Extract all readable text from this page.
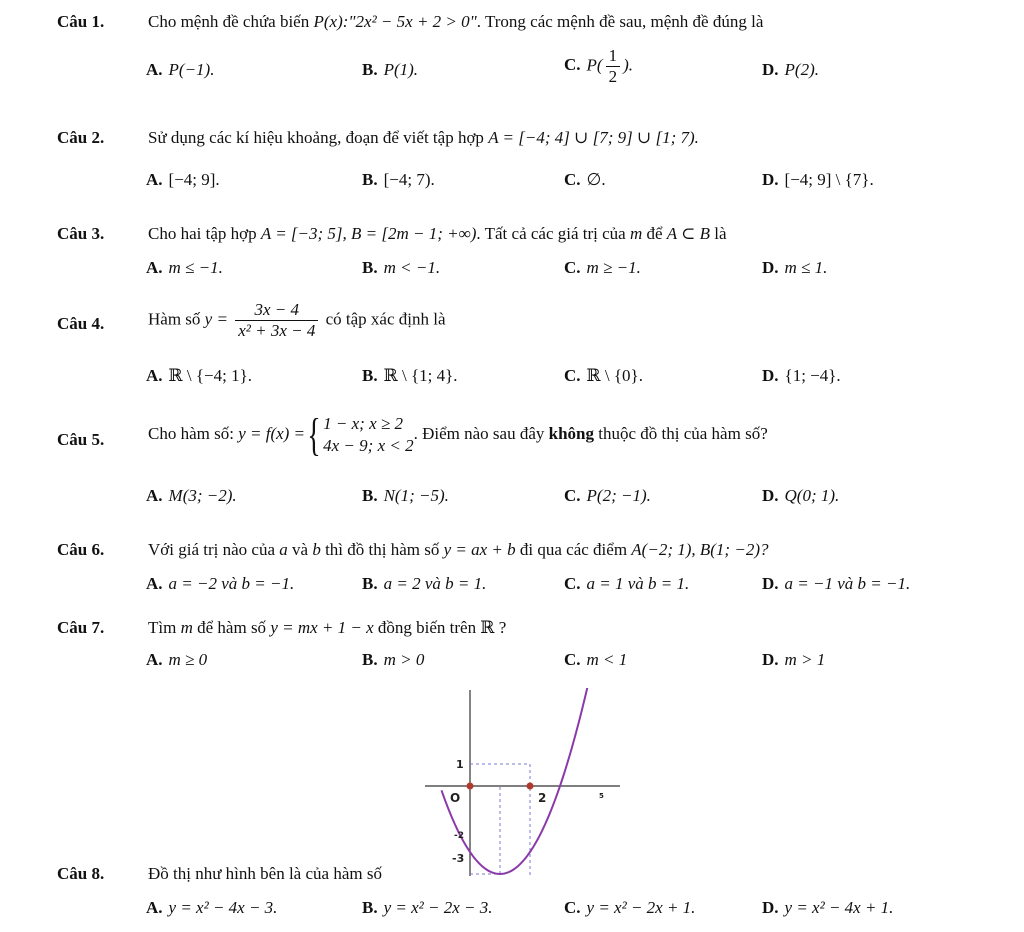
Câu 1.	Cho mệnh đề chứa biến P(x):"2x² − 5x + 2 > 0". Trong các mệnh đề sau, mệnh đề đúng là
A. P(−1).	B. P(1).	C. $P( \frac{1}{2}$ ).	D. P(2).
Câu 2.	Sử dụng các kí hiệu khoảng, đoạn để viết tập hợp A = [−4; 4] ∪ [7; 9] ∪ [1; 7).
A. [−4; 9].	B. [−4; 7).	C. ∅.	D. [−4; 9] \ {7}.
Câu 3.	Cho hai tập hợp A = [−3; 5], B = [2m − 1; +∞). Tất cả các giá trị của m để A ⊂ B là
A. m ≤ −1.	B. m < −1.	C. m ≥ −1.	D. m ≤ 1.
Câu 4.	Hàm số $y = \frac{3x - 4}{\text{x² + 3x − 4}}$ có tập xác định là
A. ℝ \ {−4; 1}.	B. ℝ \ {1; 4}.	C. ℝ \ {0}.	D. {1; −4}.
Câu 5.	Cho hàm số: y = f(x) ={ 1 − x; x ≥ 2
4x − 9; x < 2
. Điểm nào sau đây không thuộc đồ thị của hàm số?
A. M(3; −2).	B. N(1; −5).	C. P(2; −1).	D. Q(0; 1).
Câu 6.	Với giá trị nào của a và b thì đồ thị hàm số y = ax + b đi qua các điểm A(−2; 1), B(1; −2)?
A. a = −2 và b = −1.	B. a = 2 và b = 1.	C. a = 1 và b = 1.	D. a = −1 và b = −1.
Câu 7.	Tìm m để hàm số y = mx + 1 − x đồng biến trên ℝ ?
A. m ≥ 0	B. m > 0	C. m < 1	D. m > 1
1
O	2	5
-2
-3
Câu 8.	Đồ thị như hình bên là của hàm số
A. y = x² − 4x − 3.	B. y = x² − 2x − 3.	C. y = x² − 2x + 1.	D. y = x² − 4x + 1.
